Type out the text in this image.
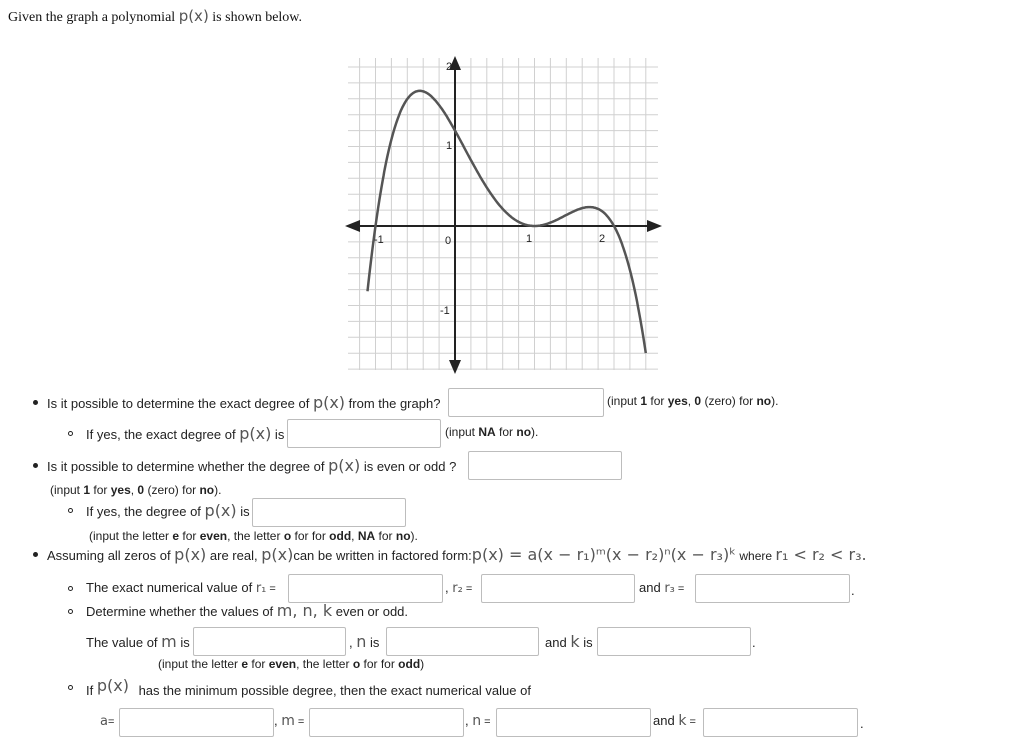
Given the graph a polynomial p(x) is shown below.
-1	0	1	2
2
1
-1
Is it possible to determine the exact degree of p(x) from the graph?	(input 1 for yes, 0 (zero) for no).
If yes, the exact degree of p(x) is	(input NA for no).
Is it possible to determine whether the degree of p(x) is even or odd ?
(input 1 for yes, 0 (zero) for no).
If yes, the degree of p(x) is
(input the letter e for even, the letter o for for odd, NA for no).
Assuming all zeros of p(x) are real, p(x)can be written in factored form:p(x) = a(x − r₁)ᵐ(x − r₂)ⁿ(x − r₃)ᵏ where r₁ < r₂ < r₃.
The exact numerical value of r₁ =	, r₂ =	and r₃ =	.
Determine whether the values of m, n, k even or odd.
The value of m is	, n is	and k is	.
(input the letter e for even, the letter o for for odd)
If p(x) has the minimum possible degree, then the exact numerical value of
a=	, m =	, n =	and k =	.
